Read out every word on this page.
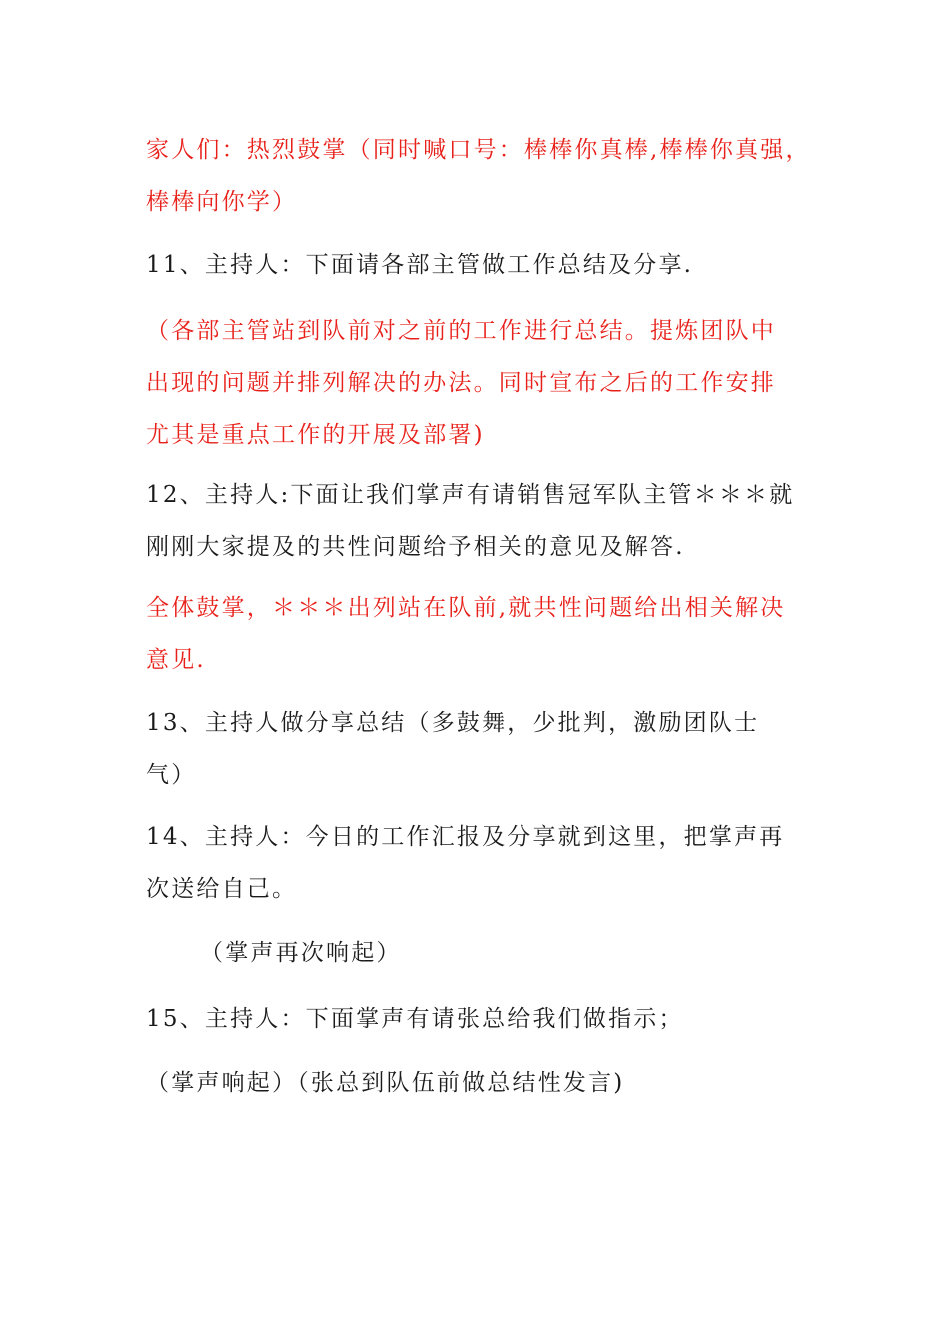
家人们：热烈鼓掌（同时喊口号：棒棒你真棒,棒棒你真强，
棒棒向你学）
11、主持人：下面请各部主管做工作总结及分享.
（各部主管站到队前对之前的工作进行总结。提炼团队中
出现的问题并排列解决的办法。同时宣布之后的工作安排
尤其是重点工作的开展及部署)
12、主持人:下面让我们掌声有请销售冠军队主管＊＊＊就
刚刚大家提及的共性问题给予相关的意见及解答.
全体鼓掌，＊＊＊出列站在队前,就共性问题给出相关解决
意见.
13、主持人做分享总结（多鼓舞，少批判，激励团队士
气）
14、主持人：今日的工作汇报及分享就到这里，把掌声再
次送给自己。
（掌声再次响起）
15、主持人：下面掌声有请张总给我们做指示；
（掌声响起）（张总到队伍前做总结性发言)
